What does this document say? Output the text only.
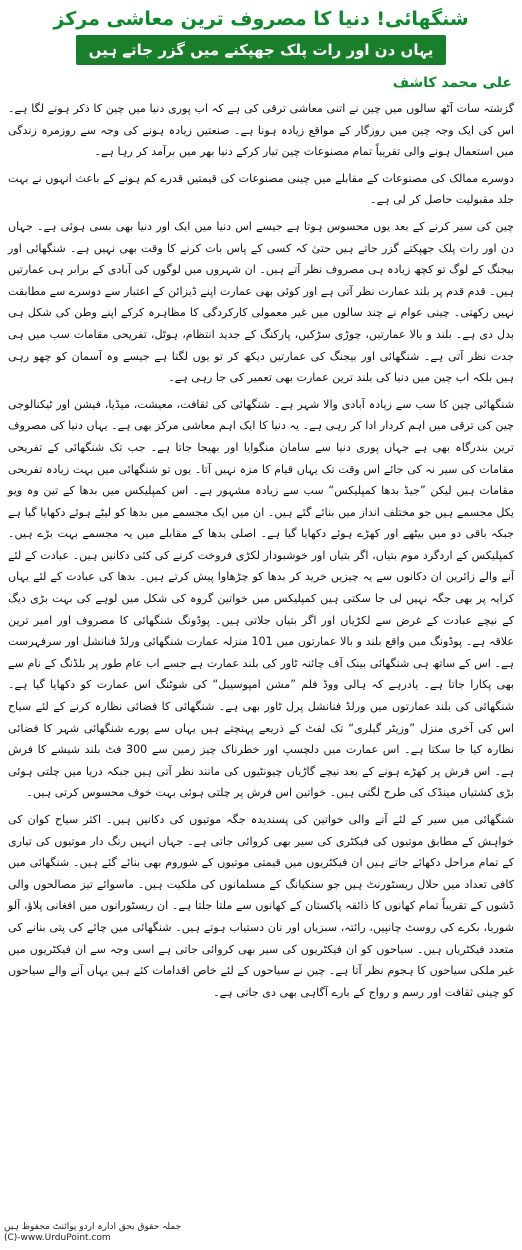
شنگھائی! دنیا کا مصروف ترین معاشی مرکز
یہاں دن اور رات پلک جھپکنے میں گزر جاتے ہیں
علی محمد کاشف

گزشتہ سات آٹھ سالوں میں چین نے اتنی معاشی ترقی کی ہے کہ اب پوری دنیا میں چین کا ذکر ہونے لگا ہے۔ اس کی ایک وجہ چین میں روزگار کے مواقع زیادہ ہونا ہے۔ صنعتیں زیادہ ہونے کی وجہ سے روزمرہ زندگی میں استعمال ہونے والی تقریباً تمام مصنوعات چین تیار کرکے دنیا بھر میں برآمد کر رہا ہے۔

دوسرے ممالک کی مصنوعات کے مقابلے میں چینی مصنوعات کی قیمتیں قدرے کم ہونے کے باعث انہوں نے بہت جلد مقبولیت حاصل کر لی ہے۔

چین کی سیر کرنے کے بعد یوں محسوس ہوتا ہے جیسے اس دنیا میں ایک اور دنیا بھی بسی ہوئی ہے۔ جہاں دن اور رات پلک جھپکتے گزر جاتے ہیں حتیٰ کہ کسی کے پاس بات کرنے کا وقت بھی نہیں ہے۔ شنگھائی اور بیجنگ کے لوگ تو کچھ زیادہ ہی مصروف نظر آتے ہیں۔ ان شہروں میں لوگوں کی آبادی کے برابر ہی عمارتیں ہیں۔ قدم قدم پر بلند عمارت نظر آتی ہے اور کوئی بھی عمارت اپنے ڈیزائن کے اعتبار سے دوسرے سے مطابقت نہیں رکھتی۔ چینی عوام نے چند سالوں میں غیر معمولی کارکردگی کا مظاہرہ کرکے اپنے وطن کی شکل ہی بدل دی ہے۔ بلند و بالا عمارتیں، چوڑی سڑکیں، پارکنگ کے جدید انتظام، ہوٹل، تفریحی مقامات سب میں ہی جدت نظر آتی ہے۔ شنگھائی اور بیجنگ کی عمارتیں دیکھ کر تو یوں لگتا ہے جیسے وہ آسمان کو چھو رہی ہیں بلکہ اب چین میں دنیا کی بلند ترین عمارت بھی تعمیر کی جا رہی ہے۔

شنگھائی چین کا سب سے زیادہ آبادی والا شہر ہے۔ شنگھائی کی ثقافت، معیشت، میڈیا، فیشن اور ٹیکنالوجی چین کی ترقی میں اہم کردار ادا کر رہی ہے۔ یہ دنیا کا ایک اہم معاشی مرکز بھی ہے۔ یہاں دنیا کی مصروف ترین بندرگاہ بھی ہے جہاں پوری دنیا سے سامان منگوایا اور بھیجا جاتا ہے۔ جب تک شنگھائی کے تفریحی مقامات کی سیر نہ کی جائے اس وقت تک یہاں قیام کا مزہ نہیں آتا۔ یوں تو شنگھائی میں بہت زیادہ تفریحی مقامات ہیں لیکن ”جیڈ بدھا کمپلیکس“ سب سے زیادہ مشہور ہے۔ اس کمپلیکس میں بدھا کے تین وہ ویو یکل مجسمے ہیں جو مختلف انداز میں بنائے گئے ہیں۔ ان میں ایک مجسمے میں بدھا کو لیٹے ہوئے دکھایا گیا ہے جبکہ باقی دو میں بیٹھے اور کھڑے ہوئے دکھایا گیا ہے۔ اصلی بدھا کے مقابلے میں یہ مجسمے بہت بڑے ہیں۔ کمپلیکس کے اردگرد موم بتیاں، اگر بتیاں اور خوشبودار لکڑی فروخت کرنے کی کئی دکانیں ہیں۔ عبادت کے لئے آنے والے زائرین ان دکانوں سے یہ چیزیں خرید کر بدھا کو چڑھاوا پیش کرتے ہیں۔ بدھا کی عبادت کے لئے یہاں کرایہ پر بھی جگہ نہیں لی جا سکتی ہیں کمپلیکس میں خواتین گروہ کی شکل میں لوہے کی بہت بڑی دیگ کے نیچے عبادت کے غرض سے لکڑیاں اور اگر بتیاں جلاتی ہیں۔ پوڈونگ شنگھائی کا مصروف اور امیر ترین علاقہ ہے۔ پوڈونگ میں واقع بلند و بالا عمارتوں میں 101 منزلہ عمارت شنگھائی ورلڈ فنانشل اور سرفہرست ہے۔ اس کے ساتھ ہی شنگھائی بینک آف چائنہ ٹاور کی بلند عمارت ہے جسے اب عام طور پر بلڈنگ کے نام سے بھی پکارا جاتا ہے۔ یادرہے کہ ہالی ووڈ فلم ”مشن امپوسیبل“ کی شوٹنگ اس عمارت کو دکھایا گیا ہے۔ شنگھائی کی بلند عمارتوں میں ورلڈ فنانشل پرل ٹاور بھی ہے۔ شنگھائی کا فضائی نظارہ کرنے کے لئے سیاح اس کی آخری منزل ”وزیٹر گیلری“ تک لفٹ کے ذریعے پہنچتے ہیں یہاں سے پورے شنگھائی شہر کا فضائی نظارہ کیا جا سکتا ہے۔ اس عمارت میں دلچسپ اور خطرناک چیز زمین سے 300 فٹ بلند شیشے کا فرش ہے۔ اس فرش پر کھڑے ہونے کے بعد نیچے گاڑیاں چیونٹیوں کی مانند نظر آتی ہیں جبکہ دریا میں چلتی ہوئی بڑی کشتیاں مینڈک کی طرح لگتی ہیں۔ خواتین اس فرش پر چلتی ہوئی بہت خوف محسوس کرتی ہیں۔

شنگھائی میں سیر کے لئے آنے والی خواتین کی پسندیدہ جگہ موتیوں کی دکانیں ہیں۔ اکثر سیاح کوان کی خواہش کے مطابق موتیوں کی فیکٹری کی سیر بھی کروائی جاتی ہے۔ جہاں انہیں رنگ دار موتیوں کی تیاری کے تمام مراحل دکھائے جاتے ہیں ان فیکٹریوں میں قیمتی موتیوں کے شوروم بھی بنائے گئے ہیں۔ شنگھائی میں کافی تعداد میں حلال ریسٹورنٹ ہیں جو سنکیانگ کے مسلمانوں کی ملکیت ہیں۔ ماسوائے تیز مصالحوں والی ڈشوں کے تقریباً تمام کھانوں کا ذائقہ پاکستان کے کھانوں سے ملتا جلتا ہے۔ ان ریسٹورانوں میں افغانی پلاؤ، آلو شوربا، بکرے کی روسٹ چانپیں، رائتہ، سبزیاں اور نان دستیاب ہوتے ہیں۔ شنگھائی میں چائے کی پتی بنانے کی متعدد فیکٹریاں ہیں۔ سیاحوں کو ان فیکٹریوں کی سیر بھی کروائی جاتی ہے اسی وجہ سے ان فیکٹریوں میں غیر ملکی سیاحوں کا ہجوم نظر آتا ہے۔ چین نے سیاحوں کے لئے خاص اقدامات کئے ہیں یہاں آنے والے سیاحوں کو چینی ثقافت اور رسم و رواج کے بارے آگاہی بھی دی جاتی ہے۔

جملہ حقوق بحق ادارہ اردو پوائنٹ محفوظ ہیں
(C)-www.UrduPoint.com
